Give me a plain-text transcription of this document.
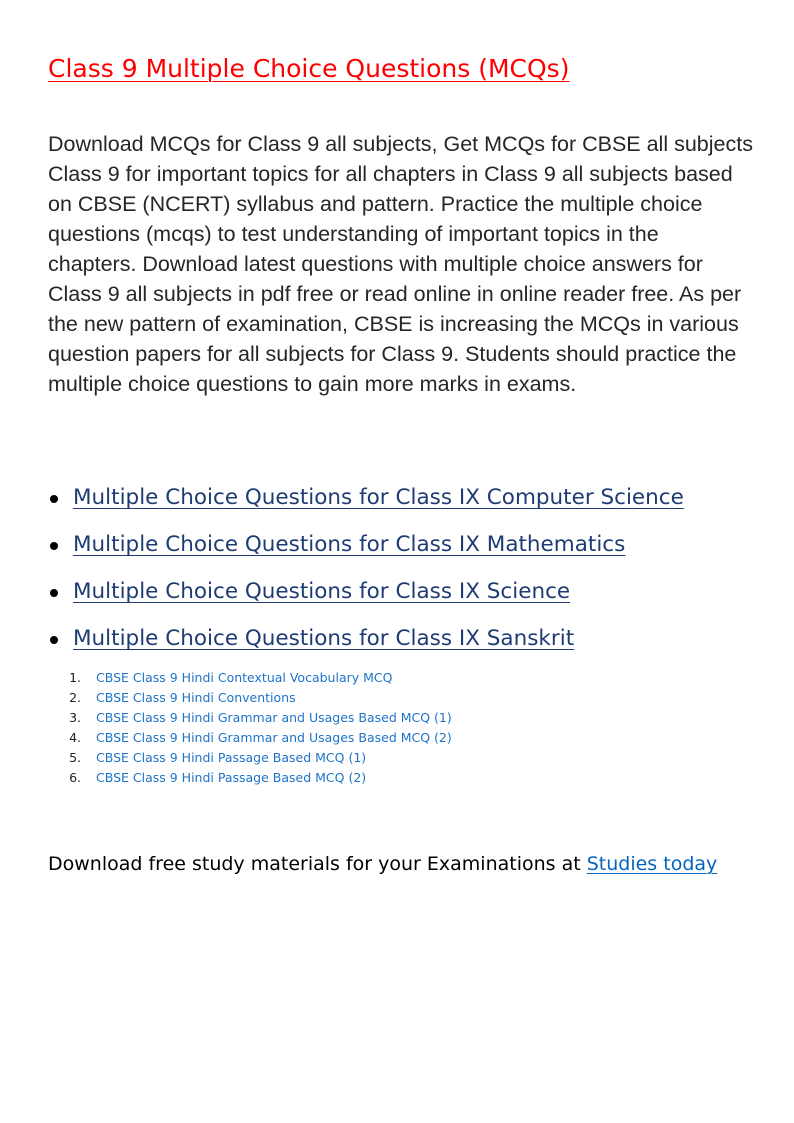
Class 9 Multiple Choice Questions (MCQs)

Download MCQs for Class 9 all subjects, Get MCQs for CBSE all subjects Class 9 for important topics for all chapters in Class 9 all subjects based on CBSE (NCERT) syllabus and pattern. Practice the multiple choice questions (mcqs) to test understanding of important topics in the chapters. Download latest questions with multiple choice answers for Class 9 all subjects in pdf free or read online in online reader free. As per the new pattern of examination, CBSE is increasing the MCQs in various question papers for all subjects for Class 9. Students should practice the multiple choice questions to gain more marks in exams.

Multiple Choice Questions for Class IX Computer Science
Multiple Choice Questions for Class IX Mathematics
Multiple Choice Questions for Class IX Science
Multiple Choice Questions for Class IX Sanskrit
1. CBSE Class 9 Hindi Contextual Vocabulary MCQ
2. CBSE Class 9 Hindi Conventions
3. CBSE Class 9 Hindi Grammar and Usages Based MCQ (1)
4. CBSE Class 9 Hindi Grammar and Usages Based MCQ (2)
5. CBSE Class 9 Hindi Passage Based MCQ (1)
6. CBSE Class 9 Hindi Passage Based MCQ (2)

Download free study materials for your Examinations at Studies today
